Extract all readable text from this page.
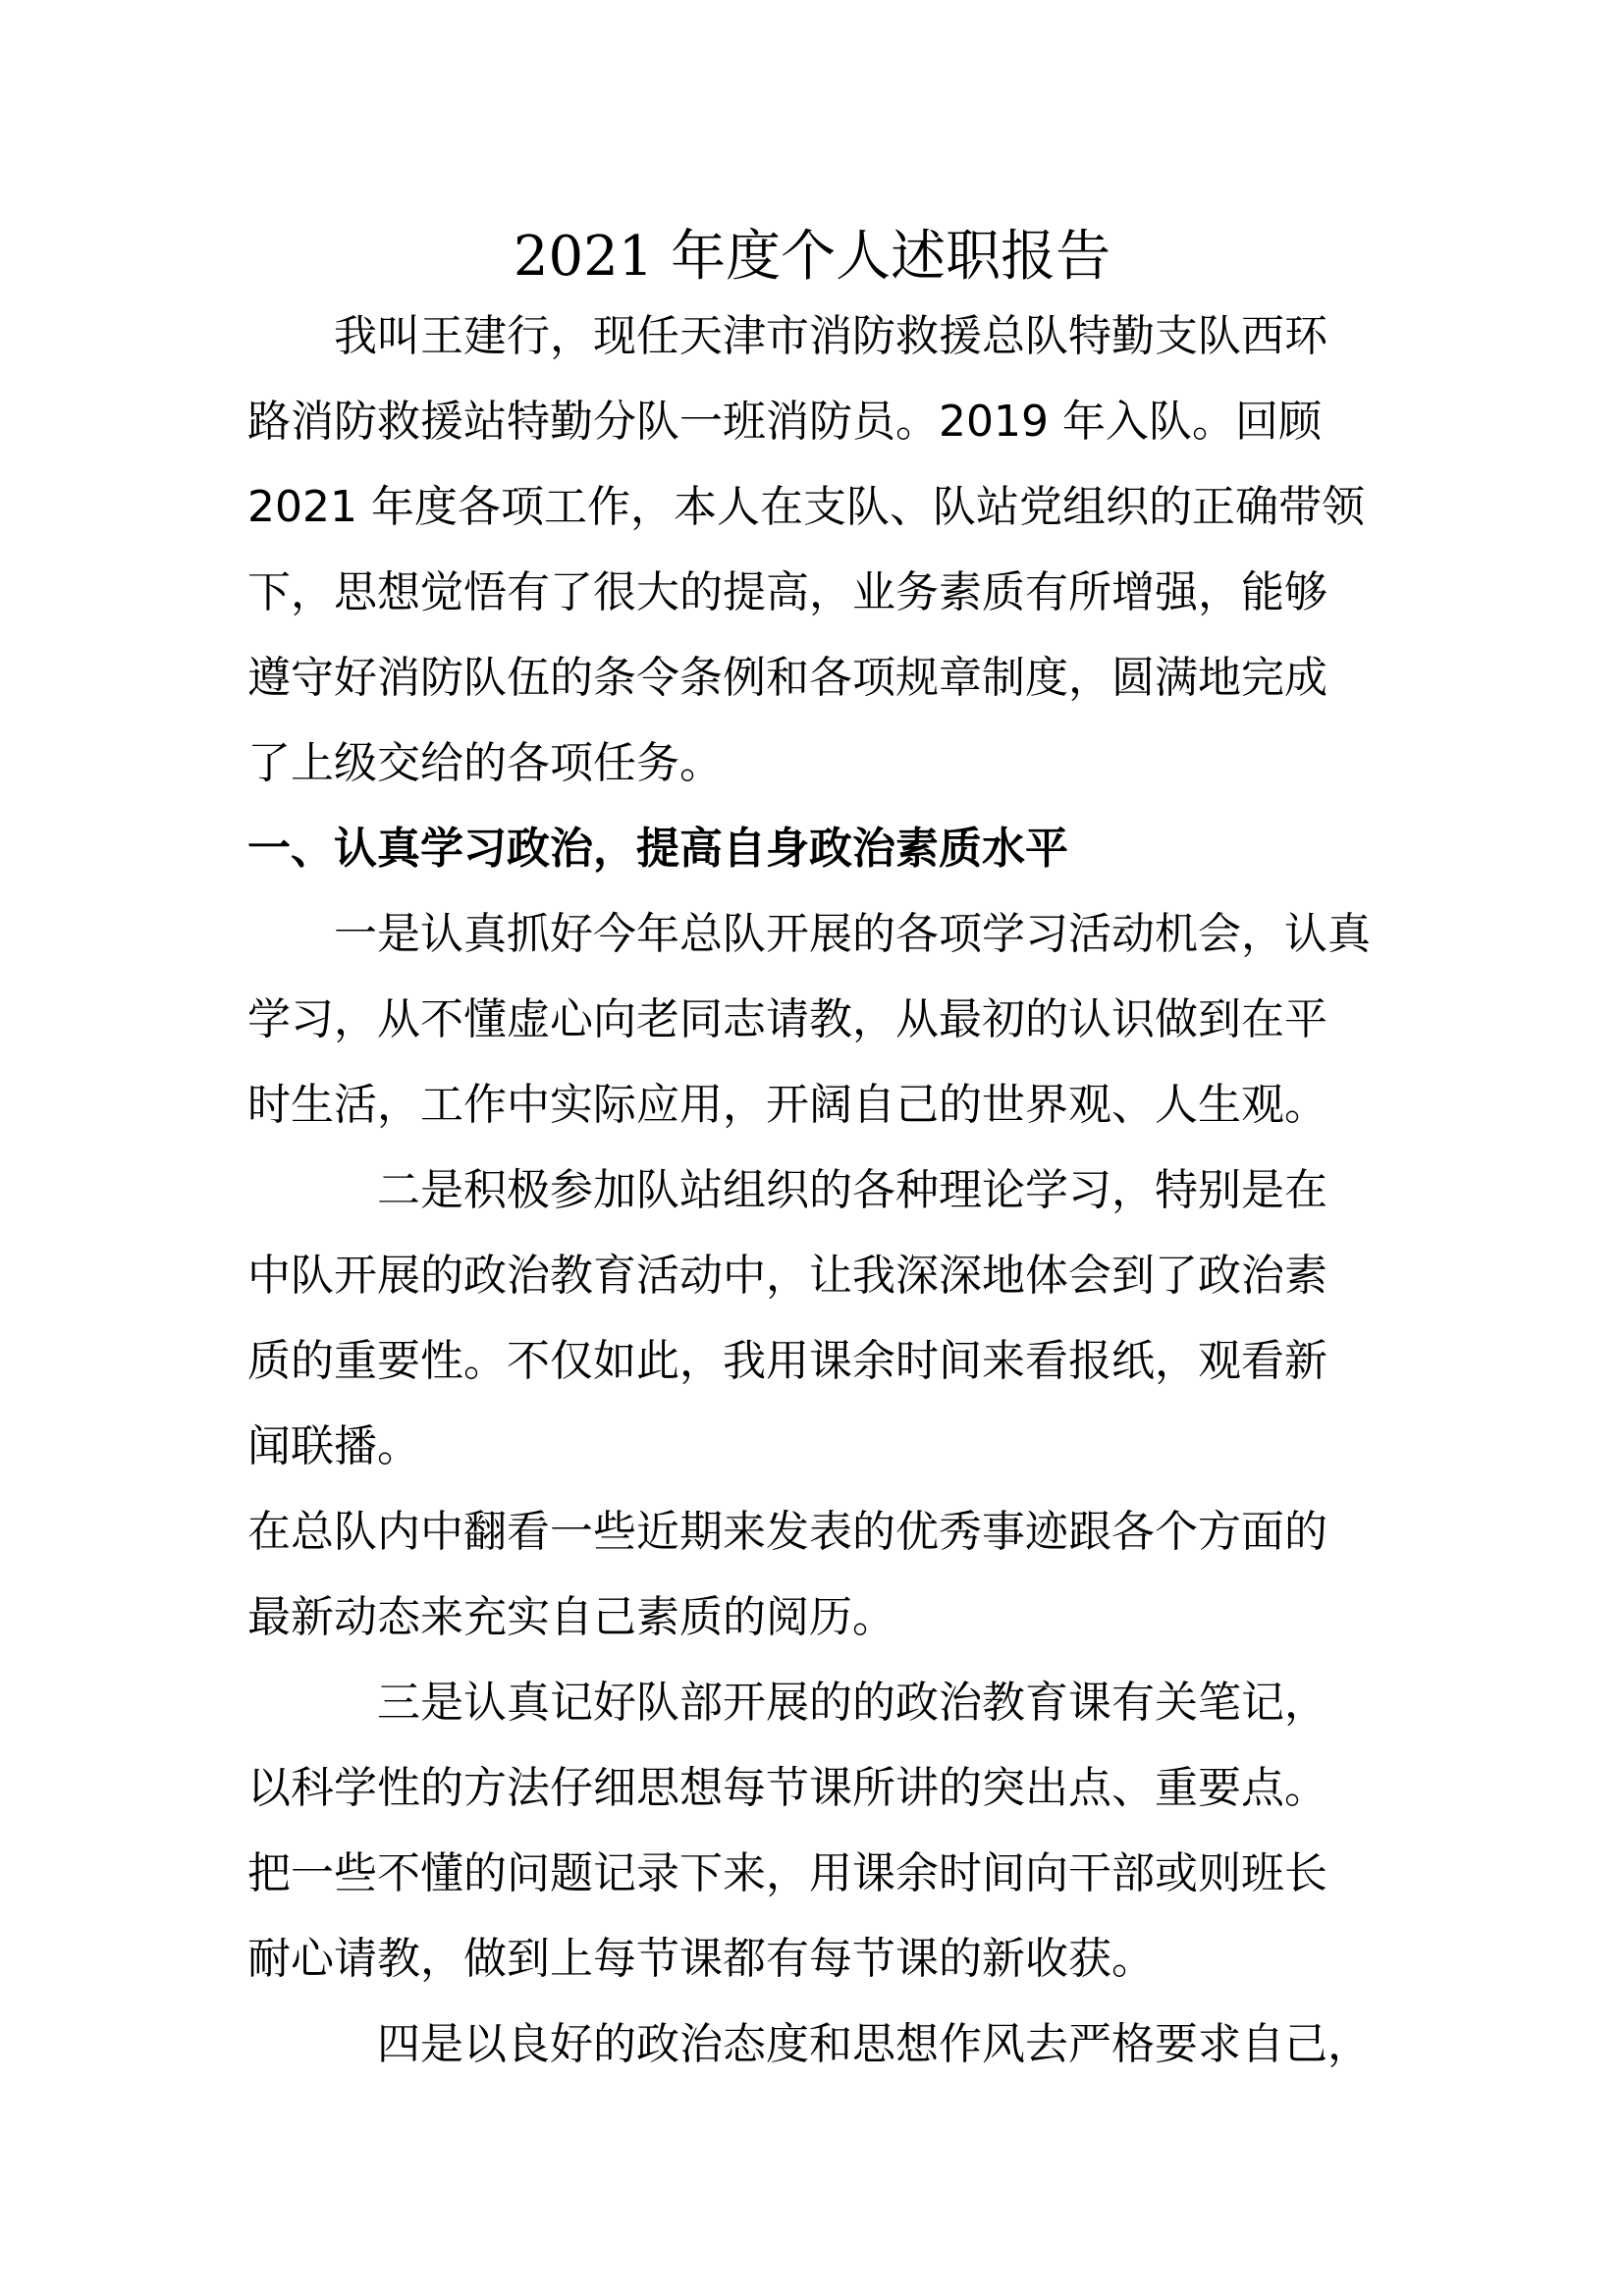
2021 年度个人述职报告
我叫王建行，现任天津市消防救援总队特勤支队西环
路消防救援站特勤分队一班消防员。2019 年入队。回顾
2021 年度各项工作，本人在支队、队站党组织的正确带领
下，思想觉悟有了很大的提高，业务素质有所增强，能够
遵守好消防队伍的条令条例和各项规章制度，圆满地完成
了上级交给的各项任务。
一、认真学习政治，提高自身政治素质水平
一是认真抓好今年总队开展的各项学习活动机会，认真
学习，从不懂虚心向老同志请教，从最初的认识做到在平
时生活，工作中实际应用，开阔自己的世界观、人生观。
二是积极参加队站组织的各种理论学习，特别是在
中队开展的政治教育活动中，让我深深地体会到了政治素
质的重要性。不仅如此，我用课余时间来看报纸，观看新
闻联播。
在总队内中翻看一些近期来发表的优秀事迹跟各个方面的
最新动态来充实自己素质的阅历。
三是认真记好队部开展的的政治教育课有关笔记，
以科学性的方法仔细思想每节课所讲的突出点、重要点。
把一些不懂的问题记录下来，用课余时间向干部或则班长
耐心请教，做到上每节课都有每节课的新收获。
四是以良好的政治态度和思想作风去严格要求自己，
